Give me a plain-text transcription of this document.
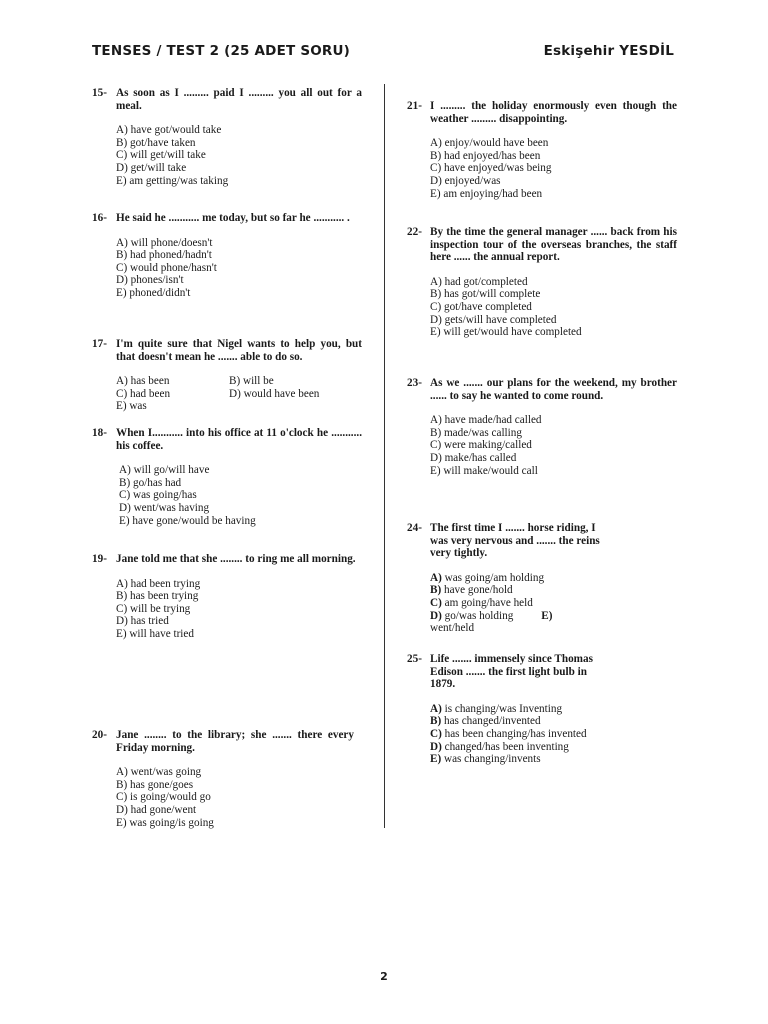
TENSES / TEST 2 (25 ADET SORU)	Eskişehir YESDİL
15- As soon as I ......... paid I ......... you all out for a meal.
A) have got/would take
B) got/have taken
C) will get/will take
D) get/will take
E) am getting/was taking
16- He said he ........... me today, but so far he ........... .
A) will phone/doesn't
B) had phoned/hadn't
C) would phone/hasn't
D) phones/isn't
E) phoned/didn't
17- I'm quite sure that Nigel wants to help you, but that doesn't mean he ....... able to do so.
A) has been	B) will be
C) had been	D) would have been
E) was
18- When I........... into his office at 11 o'clock he ........... his coffee.
A) will go/will have
B) go/has had
C) was going/has
D) went/was having
E) have gone/would be having
19- Jane told me that she ........ to ring me all morning.
A) had been trying
B) has been trying
C) will be trying
D) has tried
E) will have tried
20- Jane ........ to the library; she ....... there every Friday morning.
A) went/was going
B) has gone/goes
C) is going/would go
D) had gone/went
E) was going/is going
21- I ......... the holiday enormously even though the weather ......... disappointing.
A) enjoy/would have been
B) had enjoyed/has been
C) have enjoyed/was being
D) enjoyed/was
E) am enjoying/had been
22- By the time the general manager ...... back from his inspection tour of the overseas branches, the staff here ...... the annual report.
A) had got/completed
B) has got/will complete
C) got/have completed
D) gets/will have completed
E) will get/would have completed
23- As we ....... our plans for the weekend, my brother ...... to say he wanted to come round.
A) have made/had called
B) made/was calling
C) were making/called
D) make/has called
E) will make/would call
24- The first time I ....... horse riding, I was very nervous and ....... the reins very tightly.
A) was going/am holding
B) have gone/hold
C) am going/have held
D) go/was holding	E)
went/held
25- Life ....... immensely since Thomas Edison ....... the first light bulb in 1879.
A) is changing/was Inventing
B) has changed/invented
C) has been changing/has invented
D) changed/has been inventing
E) was changing/invents
2
